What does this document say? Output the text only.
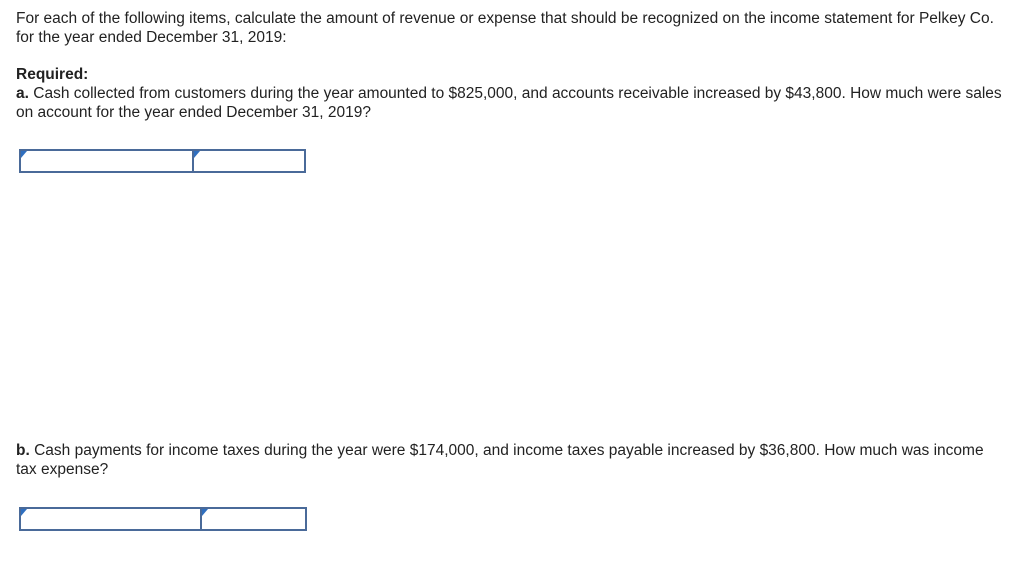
For each of the following items, calculate the amount of revenue or expense that should be recognized on the income statement for Pelkey Co. for the year ended December 31, 2019:

Required:

a. Cash collected from customers during the year amounted to $825,000, and accounts receivable increased by $43,800. How much were sales on account for the year ended December 31, 2019?

b. Cash payments for income taxes during the year were $174,000, and income taxes payable increased by $36,800. How much was income tax expense?
